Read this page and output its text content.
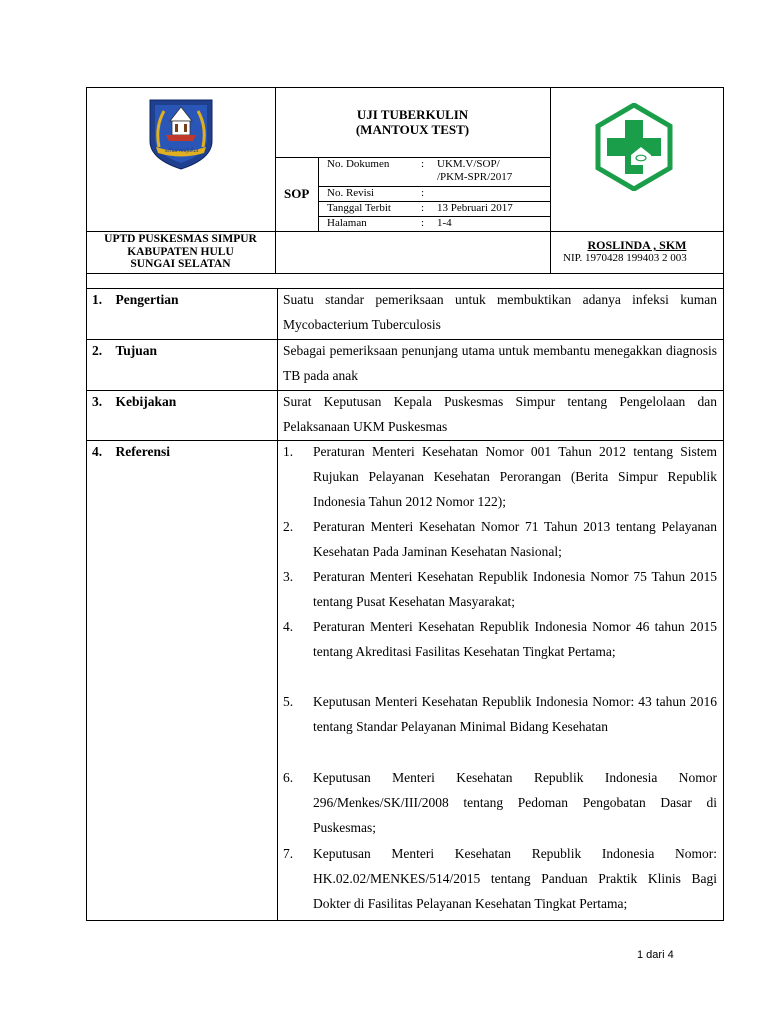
sehat mufakat
UJI TUBERKULIN
(MANTOUX TEST)
SOP
No. Dokumen	: UKM.V/SOP/
/PKM-SPR/2017
No. Revisi	:
Tanggal Terbit	: 13 Pebruari 2017
Halaman	: 1-4
UPTD PUSKESMAS SIMPUR
KABUPATEN HULU
SUNGAI SELATAN
ROSLINDA , SKM
NIP. 1970428 199403 2 003
1. Pengertian	Suatu standar pemeriksaan untuk membuktikan adanya infeksi kuman Mycobacterium Tuberculosis
2. Tujuan	Sebagai pemeriksaan penunjang utama untuk membantu menegakkan diagnosis TB pada anak
3. Kebijakan	Surat Keputusan Kepala Puskesmas Simpur tentang Pengelolaan dan Pelaksanaan UKM Puskesmas
4. Referensi	1. Peraturan Menteri Kesehatan Nomor 001 Tahun 2012 tentang Sistem Rujukan Pelayanan Kesehatan Perorangan (Berita Simpur Republik Indonesia Tahun 2012 Nomor 122);
2. Peraturan Menteri Kesehatan Nomor 71 Tahun 2013 tentang Pelayanan Kesehatan Pada Jaminan Kesehatan Nasional;
3. Peraturan Menteri Kesehatan Republik Indonesia Nomor 75 Tahun 2015 tentang Pusat Kesehatan Masyarakat;
4. Peraturan Menteri Kesehatan Republik Indonesia Nomor 46 tahun 2015 tentang Akreditasi Fasilitas Kesehatan Tingkat Pertama;
5. Keputusan Menteri Kesehatan Republik Indonesia Nomor: 43 tahun 2016 tentang Standar Pelayanan Minimal Bidang Kesehatan
6. Keputusan Menteri Kesehatan Republik Indonesia Nomor 296/Menkes/SK/III/2008 tentang Pedoman Pengobatan Dasar di Puskesmas;
7. Keputusan Menteri Kesehatan Republik Indonesia Nomor: HK.02.02/MENKES/514/2015 tentang Panduan Praktik Klinis Bagi Dokter di Fasilitas Pelayanan Kesehatan Tingkat Pertama;
1 dari 4
